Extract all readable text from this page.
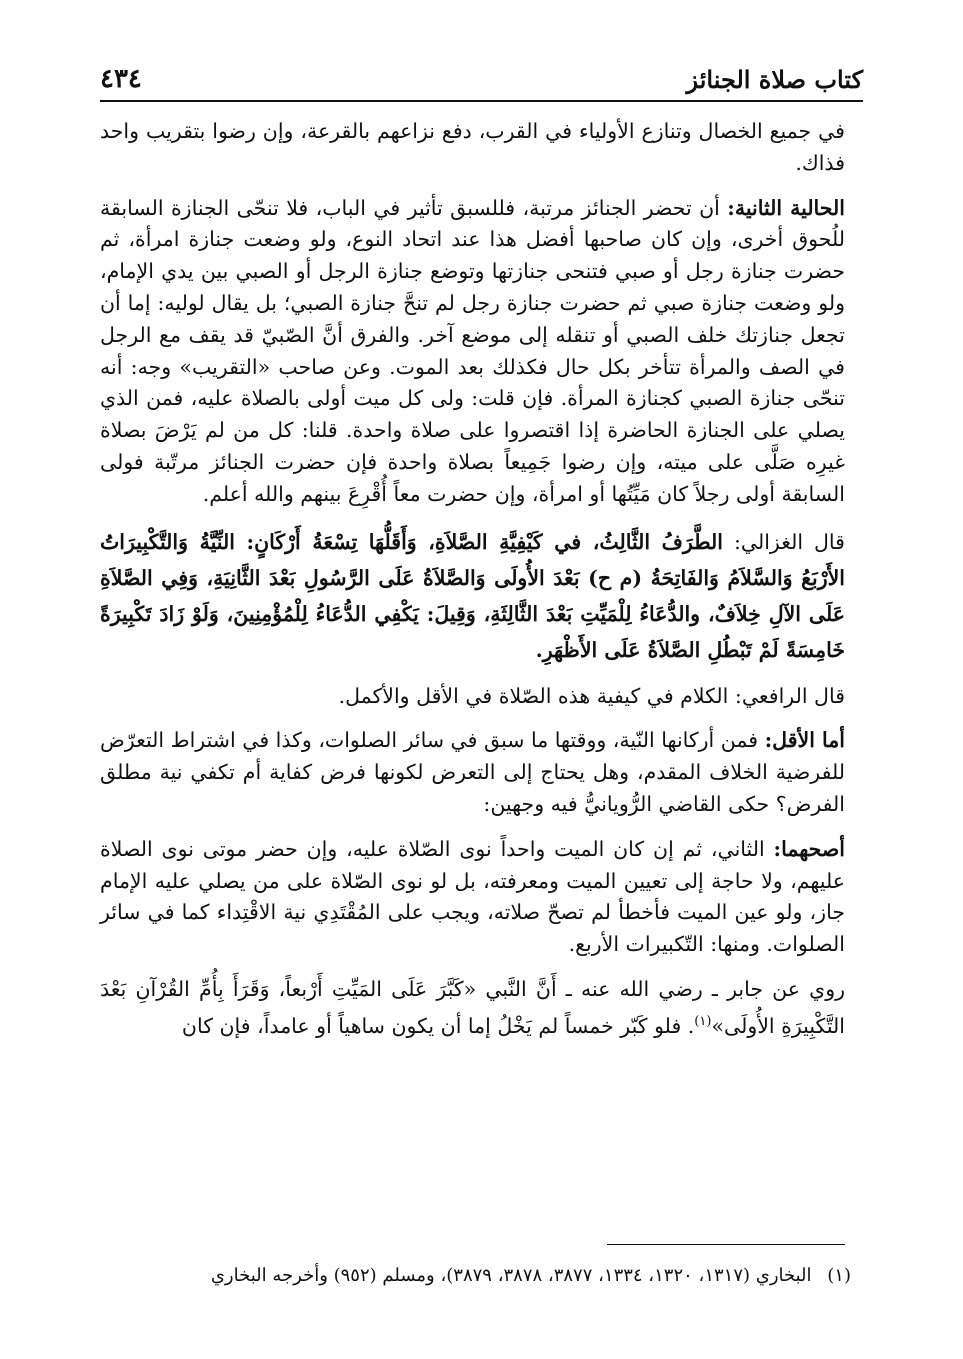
كتاب صلاة الجنائز
٤٣٤

في جميع الخصال وتنازع الأولياء في القرب، دفع نزاعهم بالقرعة، وإن رضوا بتقريب واحد فذاك.

الحالية الثانية: أن تحضر الجنائز مرتبة، فللسبق تأثير في الباب، فلا تنحّى الجنازة السابقة للُحوق أخرى، وإن كان صاحبها أفضل هذا عند اتحاد النوع، ولو وضعت جنازة امرأة، ثم حضرت جنازة رجل أو صبي فتنحى جنازتها وتوضع جنازة الرجل أو الصبي بين يدي الإمام، ولو وضعت جنازة صبي ثم حضرت جنازة رجل لم تنحَّ جنازة الصبي؛ بل يقال لوليه: إما أن تجعل جنازتك خلف الصبي أو تنقله إلى موضع آخر. والفرق أنَّ الصّبيّ قد يقف مع الرجل في الصف والمرأة تتأخر بكل حال فكذلك بعد الموت. وعن صاحب «التقريب» وجه: أنه تنحّى جنازة الصبي كجنازة المرأة. فإن قلت: ولى كل ميت أولى بالصلاة عليه، فمن الذي يصلي على الجنازة الحاضرة إذا اقتصروا على صلاة واحدة. قلنا: كل من لم يَرْضَ بصلاة غيرِه صَلَّى على ميته، وإن رضوا جَمِيعاً بصلاة واحدة فإن حضرت الجنائز مرتّبة فولى السابقة أولى رجلاً كان مَيِّتُها أو امرأة، وإن حضرت معاً أُقْرِعَ بينهم والله أعلم.

قال الغزالي: الطَّرَفُ الثَّالِثُ، في كَيْفِيَّةِ الصَّلاَةِ، وَأَقَلُّهَا تِسْعَةُ أَرْكَانٍ: النِّيَّةُ وَالتَّكْبِيرَاتُ الأَرْبَعُ وَالسَّلاَمُ وَالفَاتِحَةُ (م ح) بَعْدَ الأُولَى وَالصَّلاَةُ عَلَى الرَّسُولِ بَعْدَ الثَّانِيَةِ، وَفِي الصَّلاَةِ عَلَى الآلِ خِلاَفٌ، والدُّعَاءُ لِلْمَيِّتِ بَعْدَ الثَّالِثَةِ، وَقِيلَ: يَكْفِي الدُّعَاءُ لِلْمُؤْمِنِينَ، وَلَوْ زَادَ تَكْبِيرَةً خَامِسَةً لَمْ تَبْطُلِ الصَّلاَةُ عَلَى الأَظْهَرِ.

قال الرافعي: الكلام في كيفية هذه الصّلاة في الأقل والأكمل.

أما الأقل: فمن أركانها النّية، ووقتها ما سبق في سائر الصلوات، وكذا في اشتراط التعرّض للفرضية الخلاف المقدم، وهل يحتاج إلى التعرض لكونها فرض كفاية أم تكفي نية مطلق الفرض؟ حكى القاضي الرُّويانيُّ فيه وجهين:

أصحهما: الثاني، ثم إن كان الميت واحداً نوى الصّلاة عليه، وإن حضر موتى نوى الصلاة عليهم، ولا حاجة إلى تعيين الميت ومعرفته، بل لو نوى الصّلاة على من يصلي عليه الإمام جاز، ولو عين الميت فأخطأ لم تصحّ صلاته، ويجب على المُقْتَدِي نية الاقْتِداء كما في سائر الصلوات. ومنها: التّكبيرات الأربع.

روي عن جابر ـ رضي الله عنه ـ أَنَّ النَّبي «كَبَّرَ عَلَى المَيِّتِ أَرْبعاً، وَقَرَأَ بِأُمِّ القُرْآنِ بَعْدَ التَّكْبِيرَةِ الأُولَى»$^{(١)}$. فلو كَبّر خمساً لم يَخْلُ إما أن يكون ساهياً أو عامداً، فإن كان

(١) البخاري (١٣١٧، ١٣٢٠، ١٣٣٤، ٣٨٧٧، ٣٨٧٨، ٣٨٧٩)، ومسلم (٩٥٢) وأخرجه البخاري
